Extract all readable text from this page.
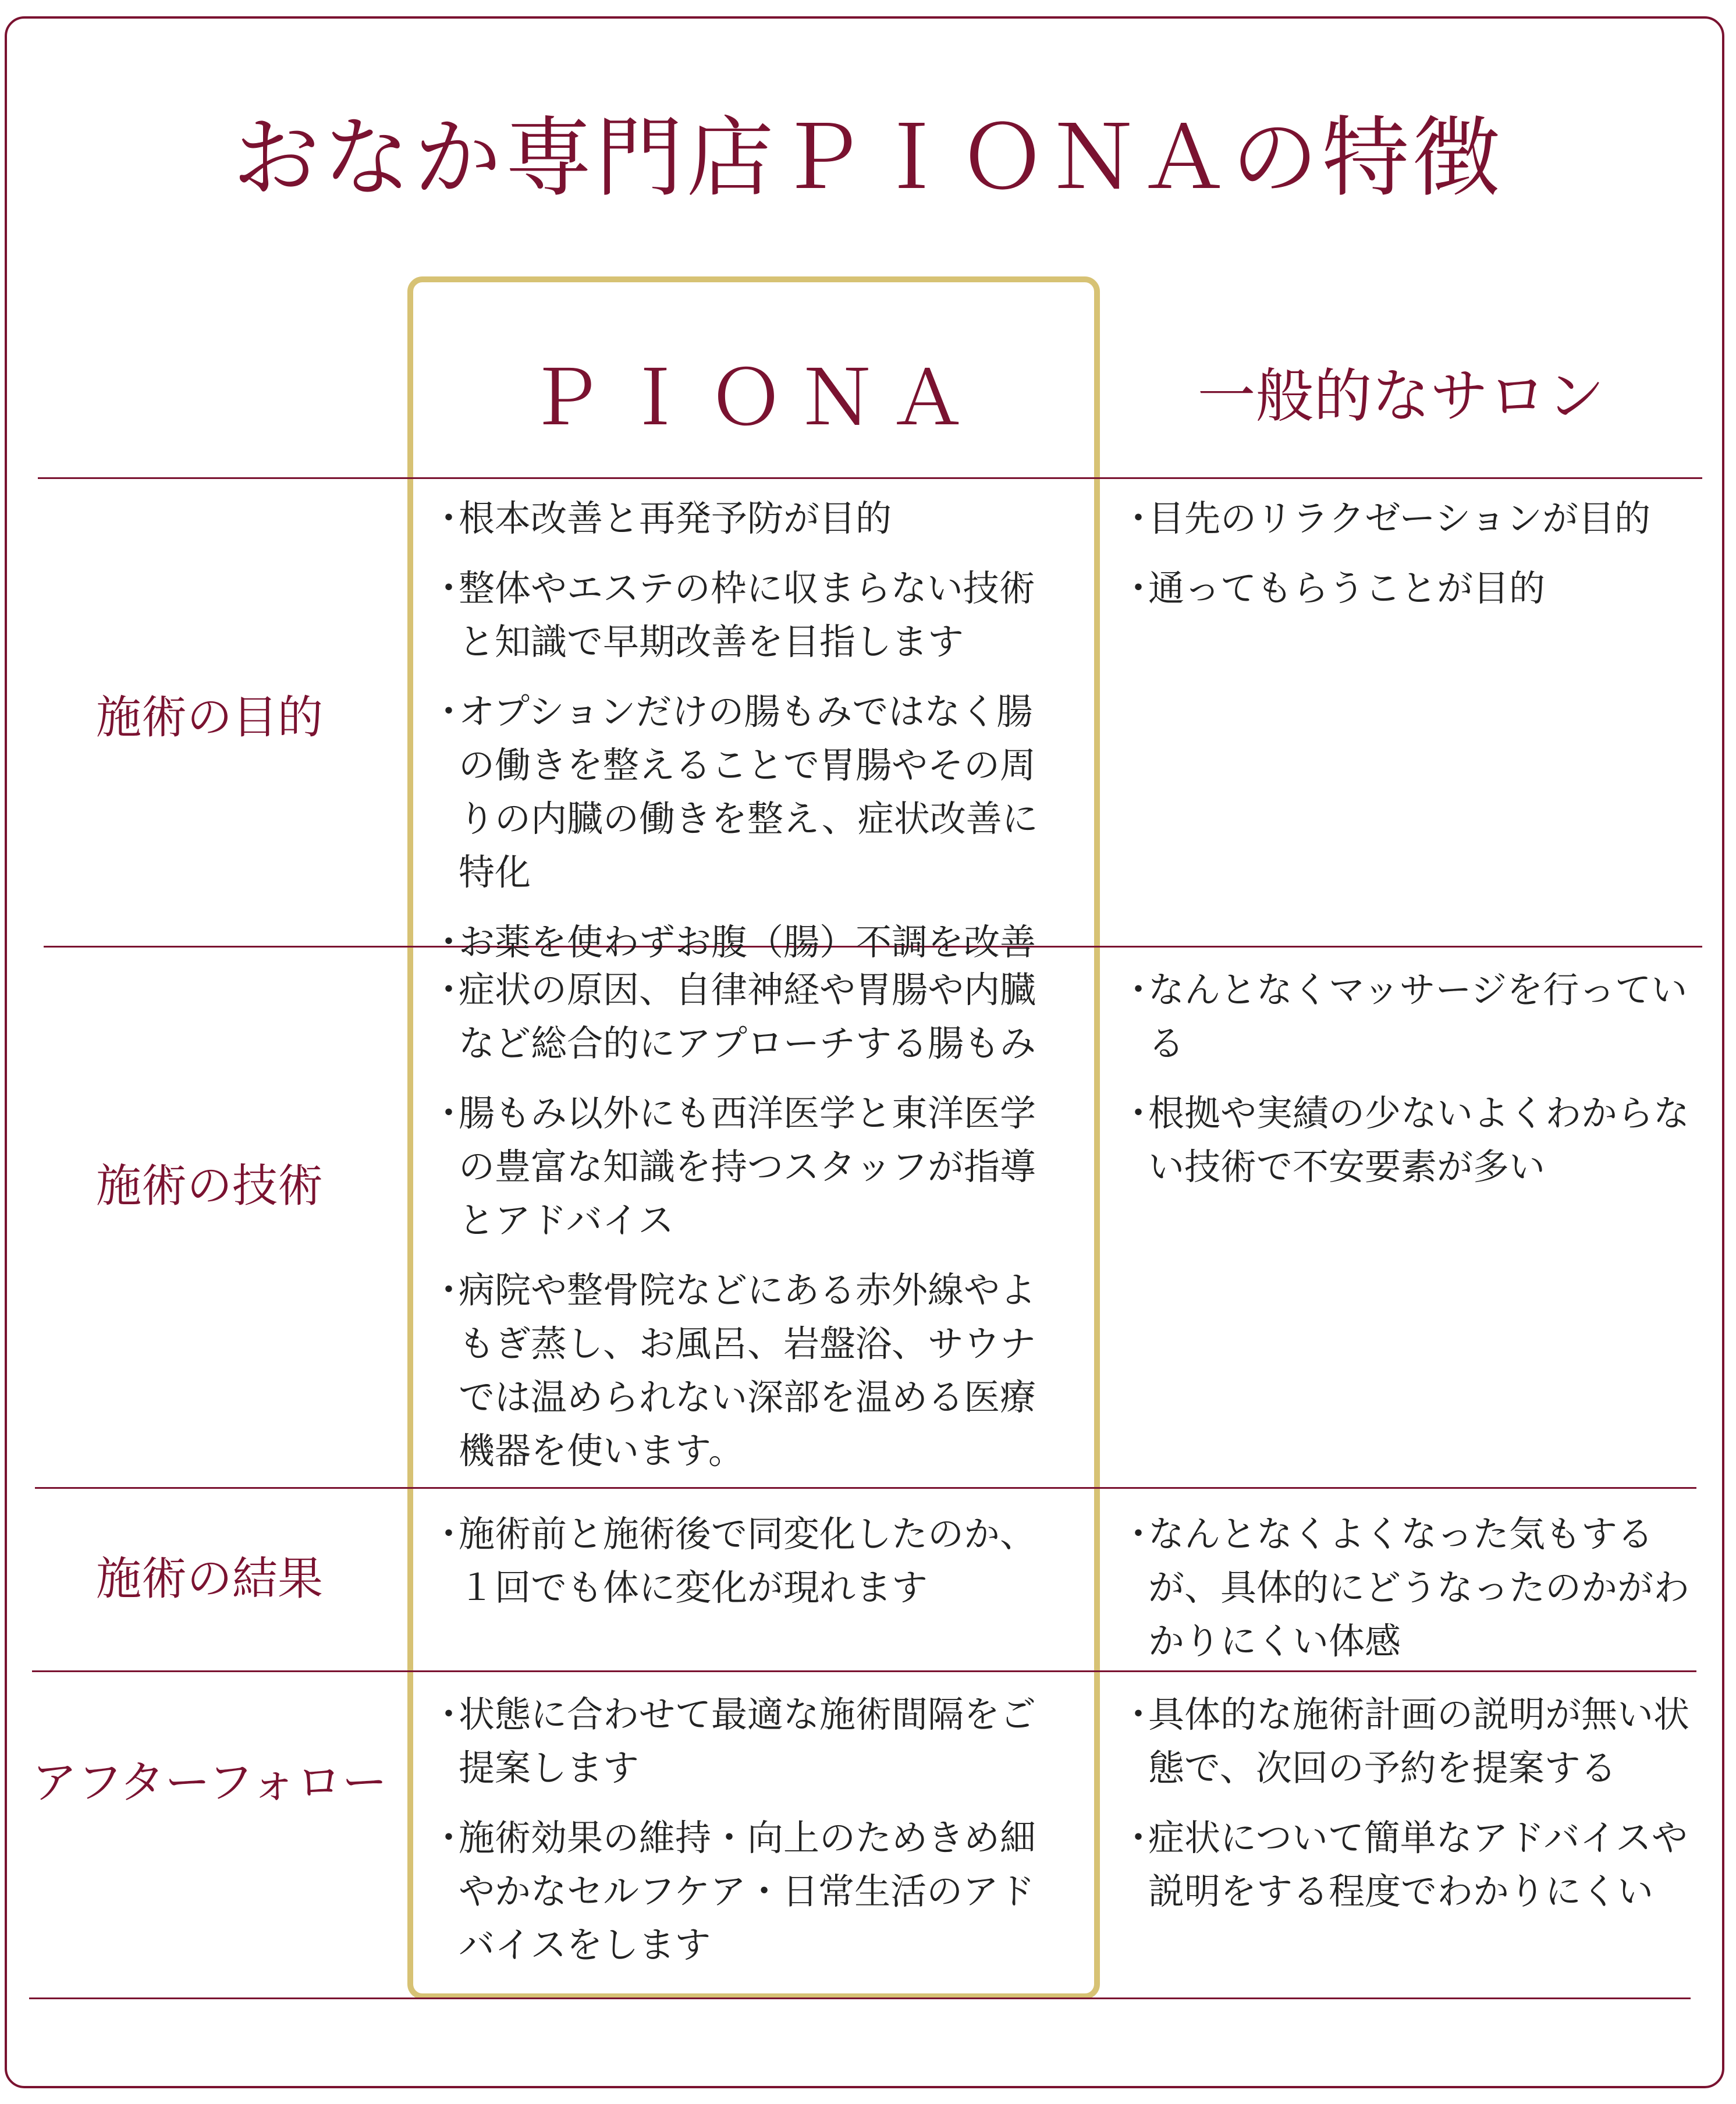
おなか専門店ＰＩＯＮＡの特徴
ＰＩＯＮＡ	一般的なサロン
施術の目的
・ 根本改善と再発予防が目的
・ 整体やエステの枠に収まらない技術と知識で早期改善を目指します
・ オプションだけの腸もみではなく腸の働きを整えることで胃腸やその周りの内臓の働きを整え、症状改善に特化
・ お薬を使わずお腹（腸）不調を改善
・ 目先のリラクゼーションが目的
・ 通ってもらうことが目的
施術の技術
・ 症状の原因、自律神経や胃腸や内臓など総合的にアプローチする腸もみ
・ 腸もみ以外にも西洋医学と東洋医学の豊富な知識を持つスタッフが指導とアドバイス
・ 病院や整骨院などにある赤外線やよもぎ蒸し、お風呂、岩盤浴、サウナでは温められない深部を温める医療機器を使います。
・ なんとなくマッサージを行っている
・ 根拠や実績の少ないよくわからない技術で不安要素が多い
施術の結果
・ 施術前と施術後で同変化したのか、１回でも体に変化が現れます
・ なんとなくよくなった気もするが、具体的にどうなったのかがわかりにくい体感
アフターフォロー
・ 状態に合わせて最適な施術間隔をご提案します
・ 施術効果の維持・向上のためきめ細やかなセルフケア・日常生活のアドバイスをします
・ 具体的な施術計画の説明が無い状態で、次回の予約を提案する
・ 症状について簡単なアドバイスや説明をする程度でわかりにくい
